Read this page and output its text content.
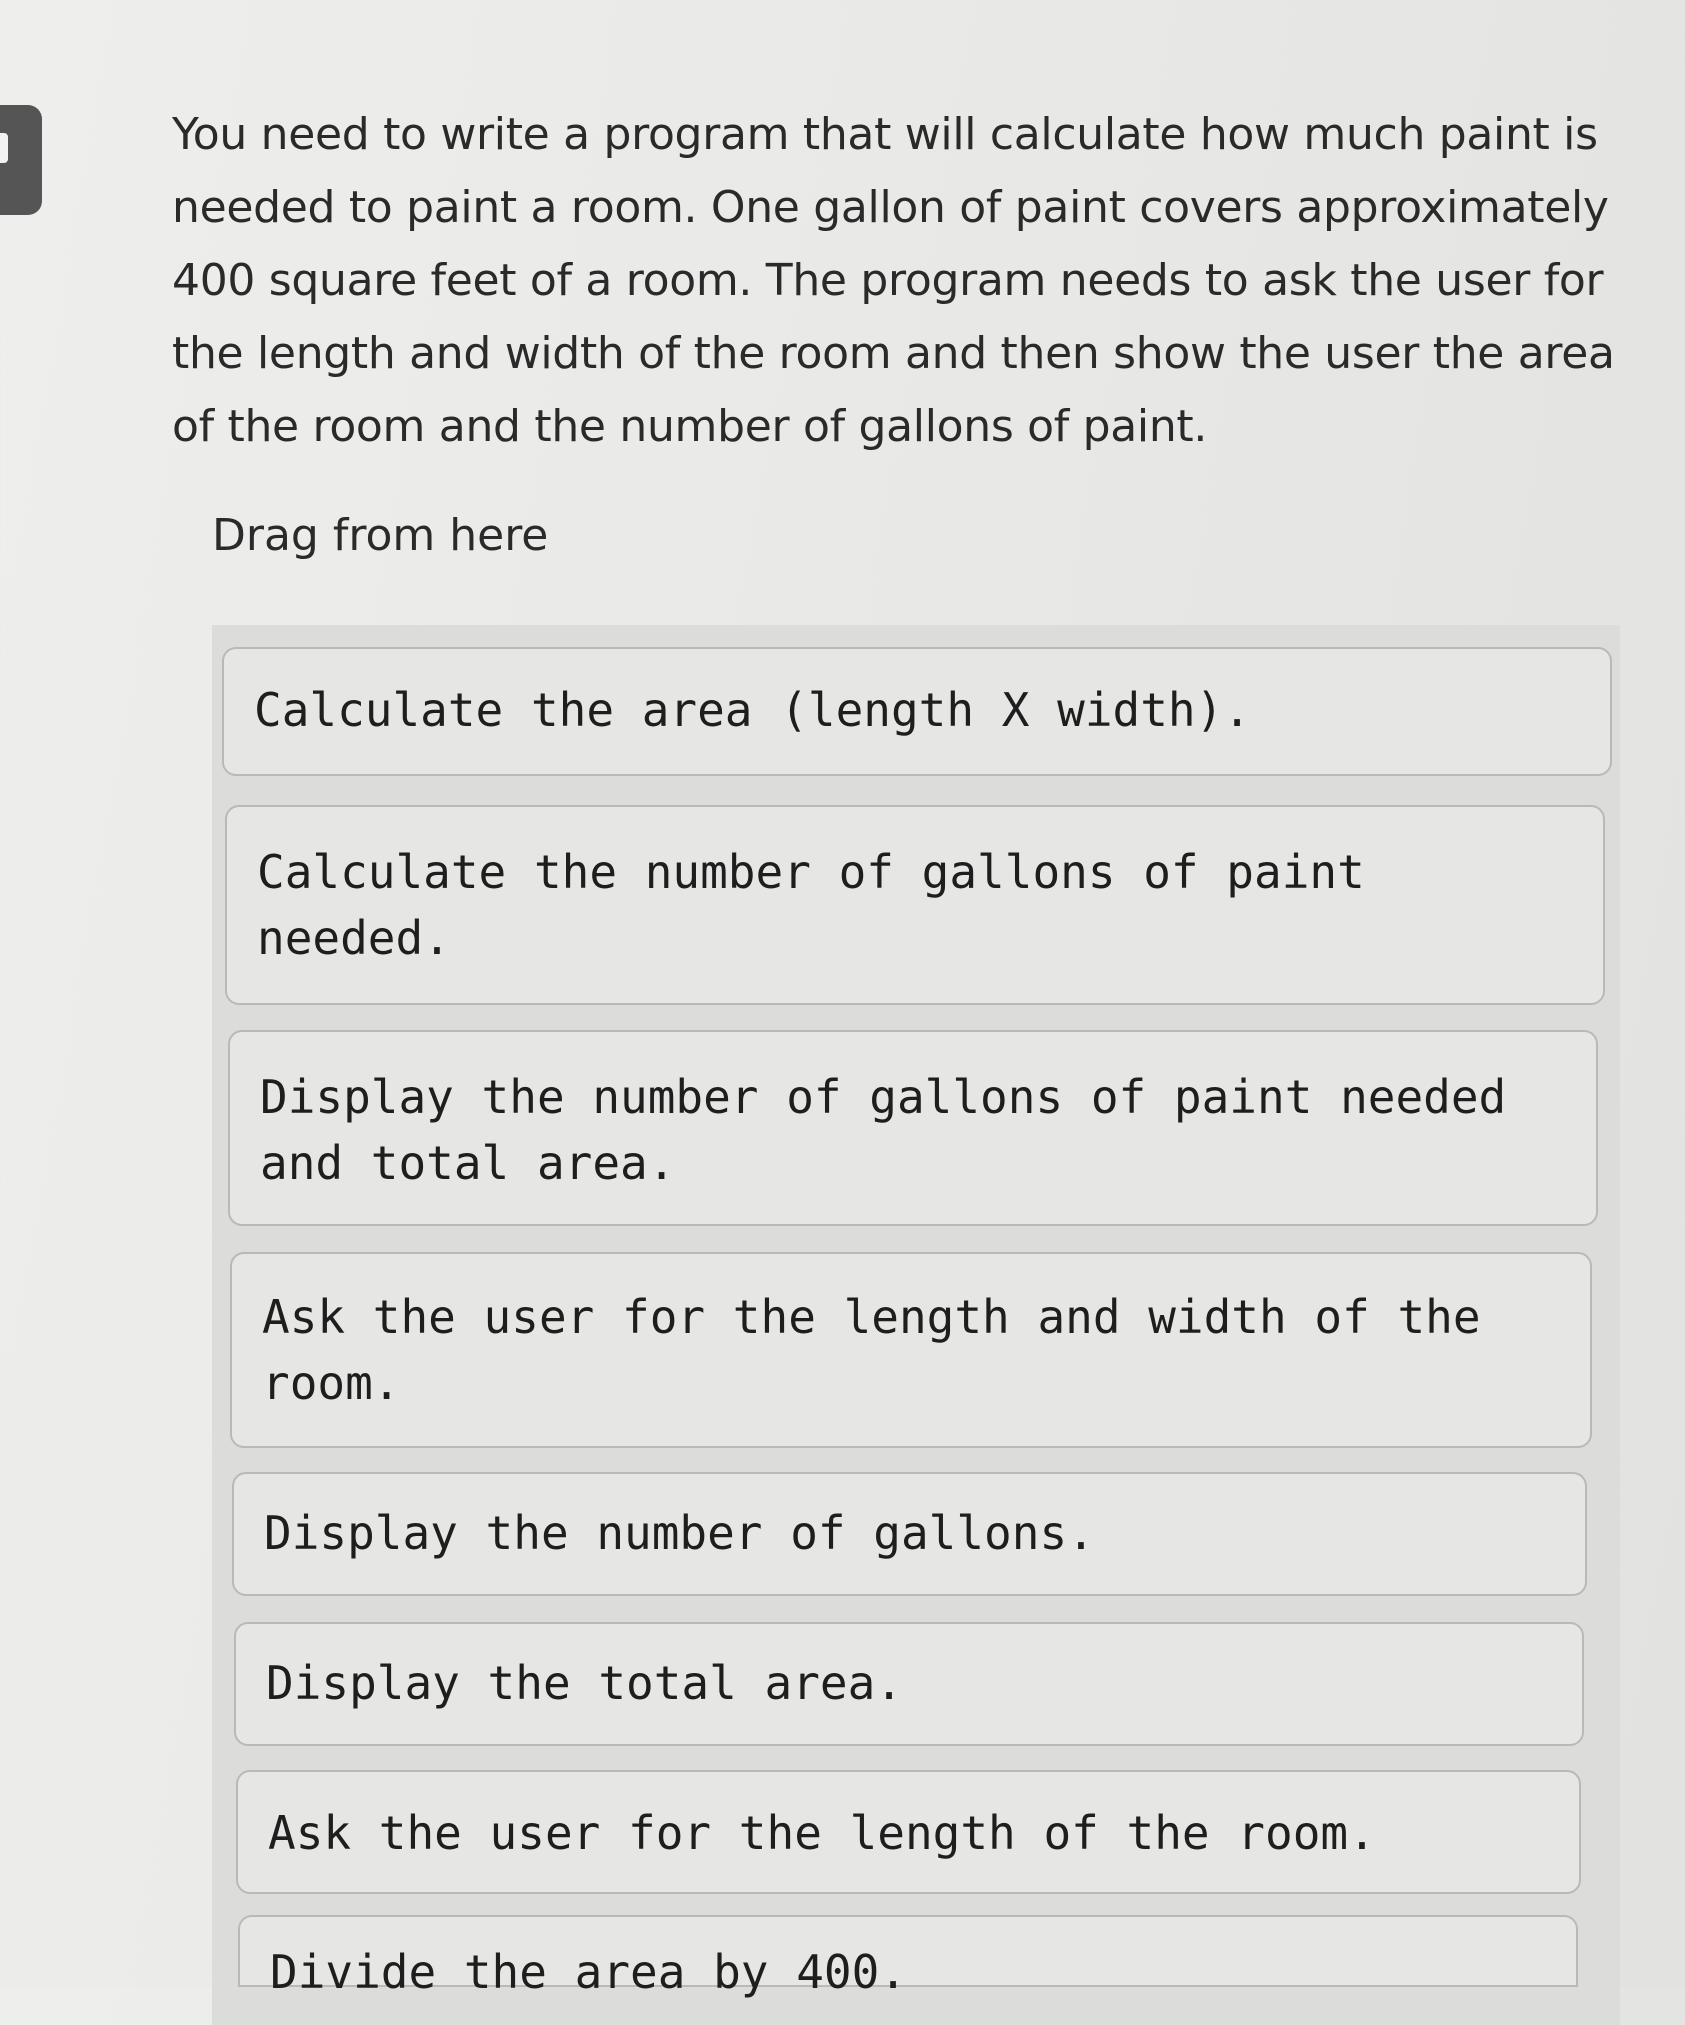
You need to write a program that will calculate how much paint is needed to paint a room. One gallon of paint covers approximately 400 square feet of a room. The program needs to ask the user for the length and width of the room and then show the user the area of the room and the number of gallons of paint.

Drag from here

Calculate the area (length X width).
Calculate the number of gallons of paint needed.
Display the number of gallons of paint needed and total area.
Ask the user for the length and width of the room.
Display the number of gallons.
Display the total area.
Ask the user for the length of the room.
Divide the area by 400.
